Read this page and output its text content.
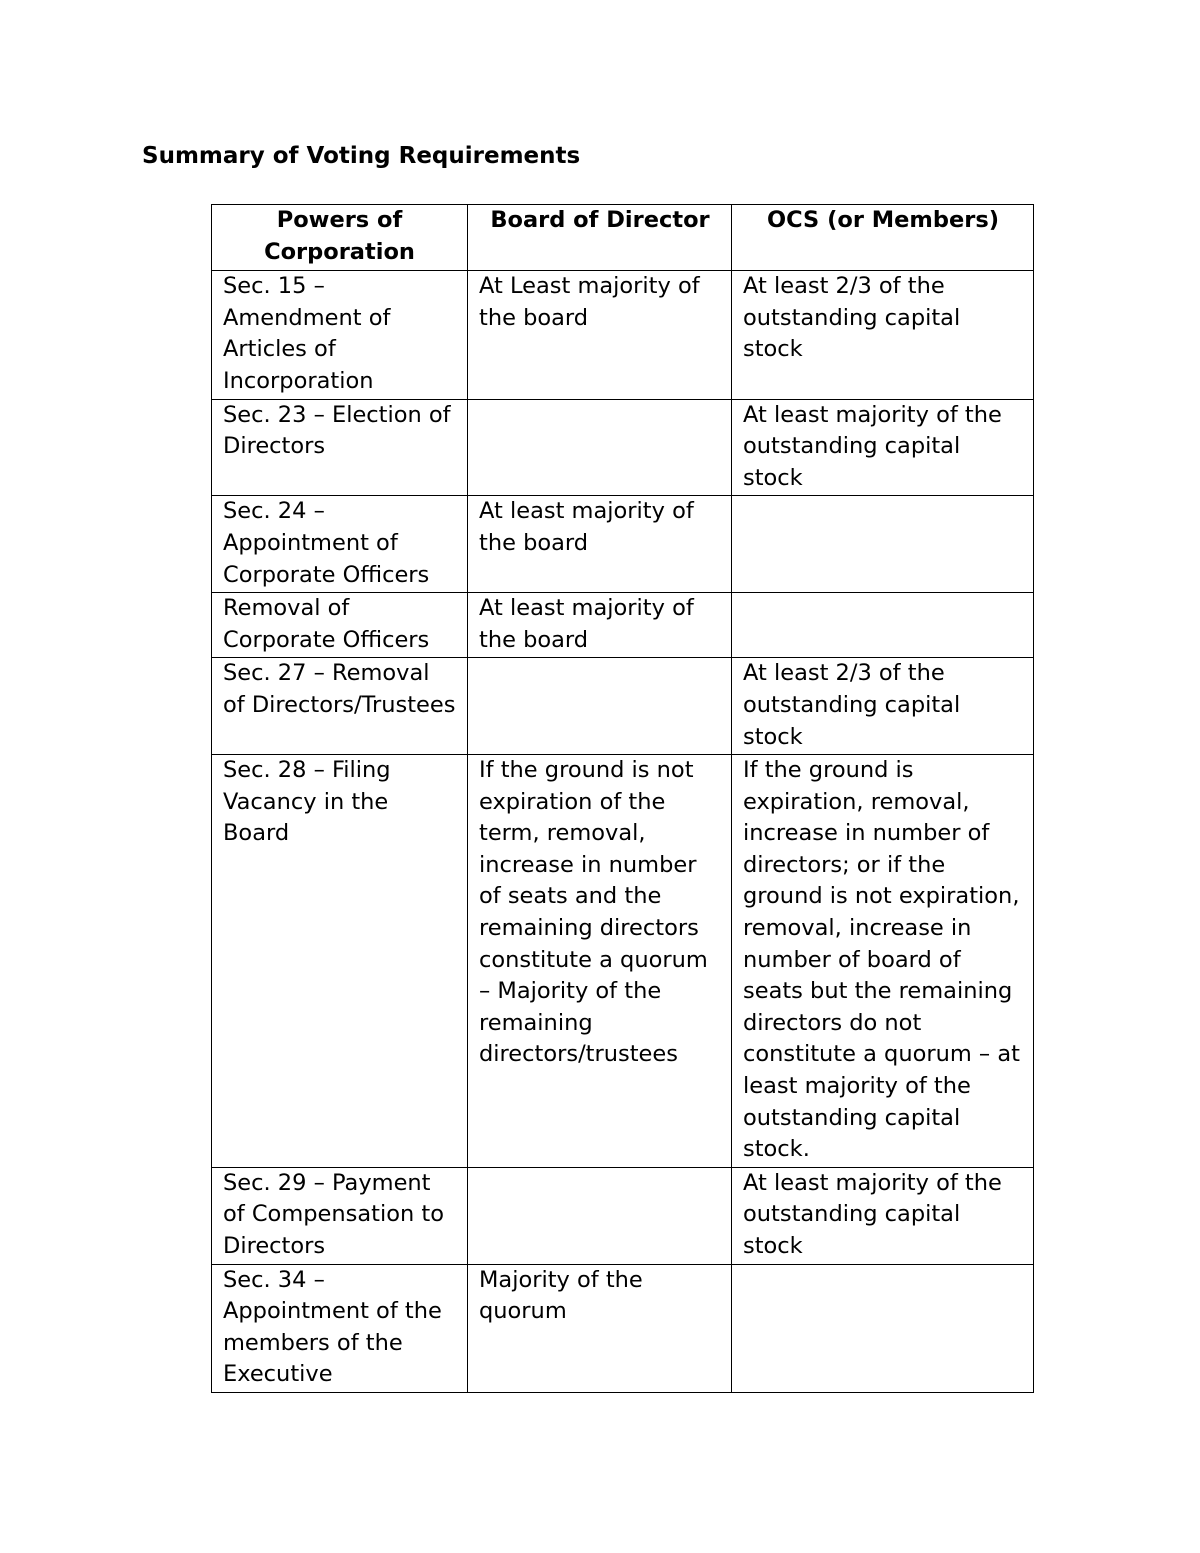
Summary of Voting Requirements
Powers of Corporation	Board of Director	OCS (or Members)
Sec. 15 – Amendment of Articles of Incorporation	At Least majority of the board	At least 2/3 of the outstanding capital stock
Sec. 23 – Election of Directors		At least majority of the outstanding capital stock
Sec. 24 – Appointment of Corporate Officers	At least majority of the board	
Removal of Corporate Officers	At least majority of the board	
Sec. 27 – Removal of Directors/Trustees		At least 2/3 of the outstanding capital stock
Sec. 28 – Filing Vacancy in the Board	If the ground is not expiration of the term, removal, increase in number of seats and the remaining directors constitute a quorum – Majority of the remaining directors/trustees	If the ground is expiration, removal, increase in number of directors; or if the ground is not expiration, removal, increase in number of board of seats but the remaining directors do not constitute a quorum – at least majority of the outstanding capital stock.
Sec. 29 – Payment of Compensation to Directors		At least majority of the outstanding capital stock
Sec. 34 – Appointment of the members of the Executive	Majority of the quorum	
